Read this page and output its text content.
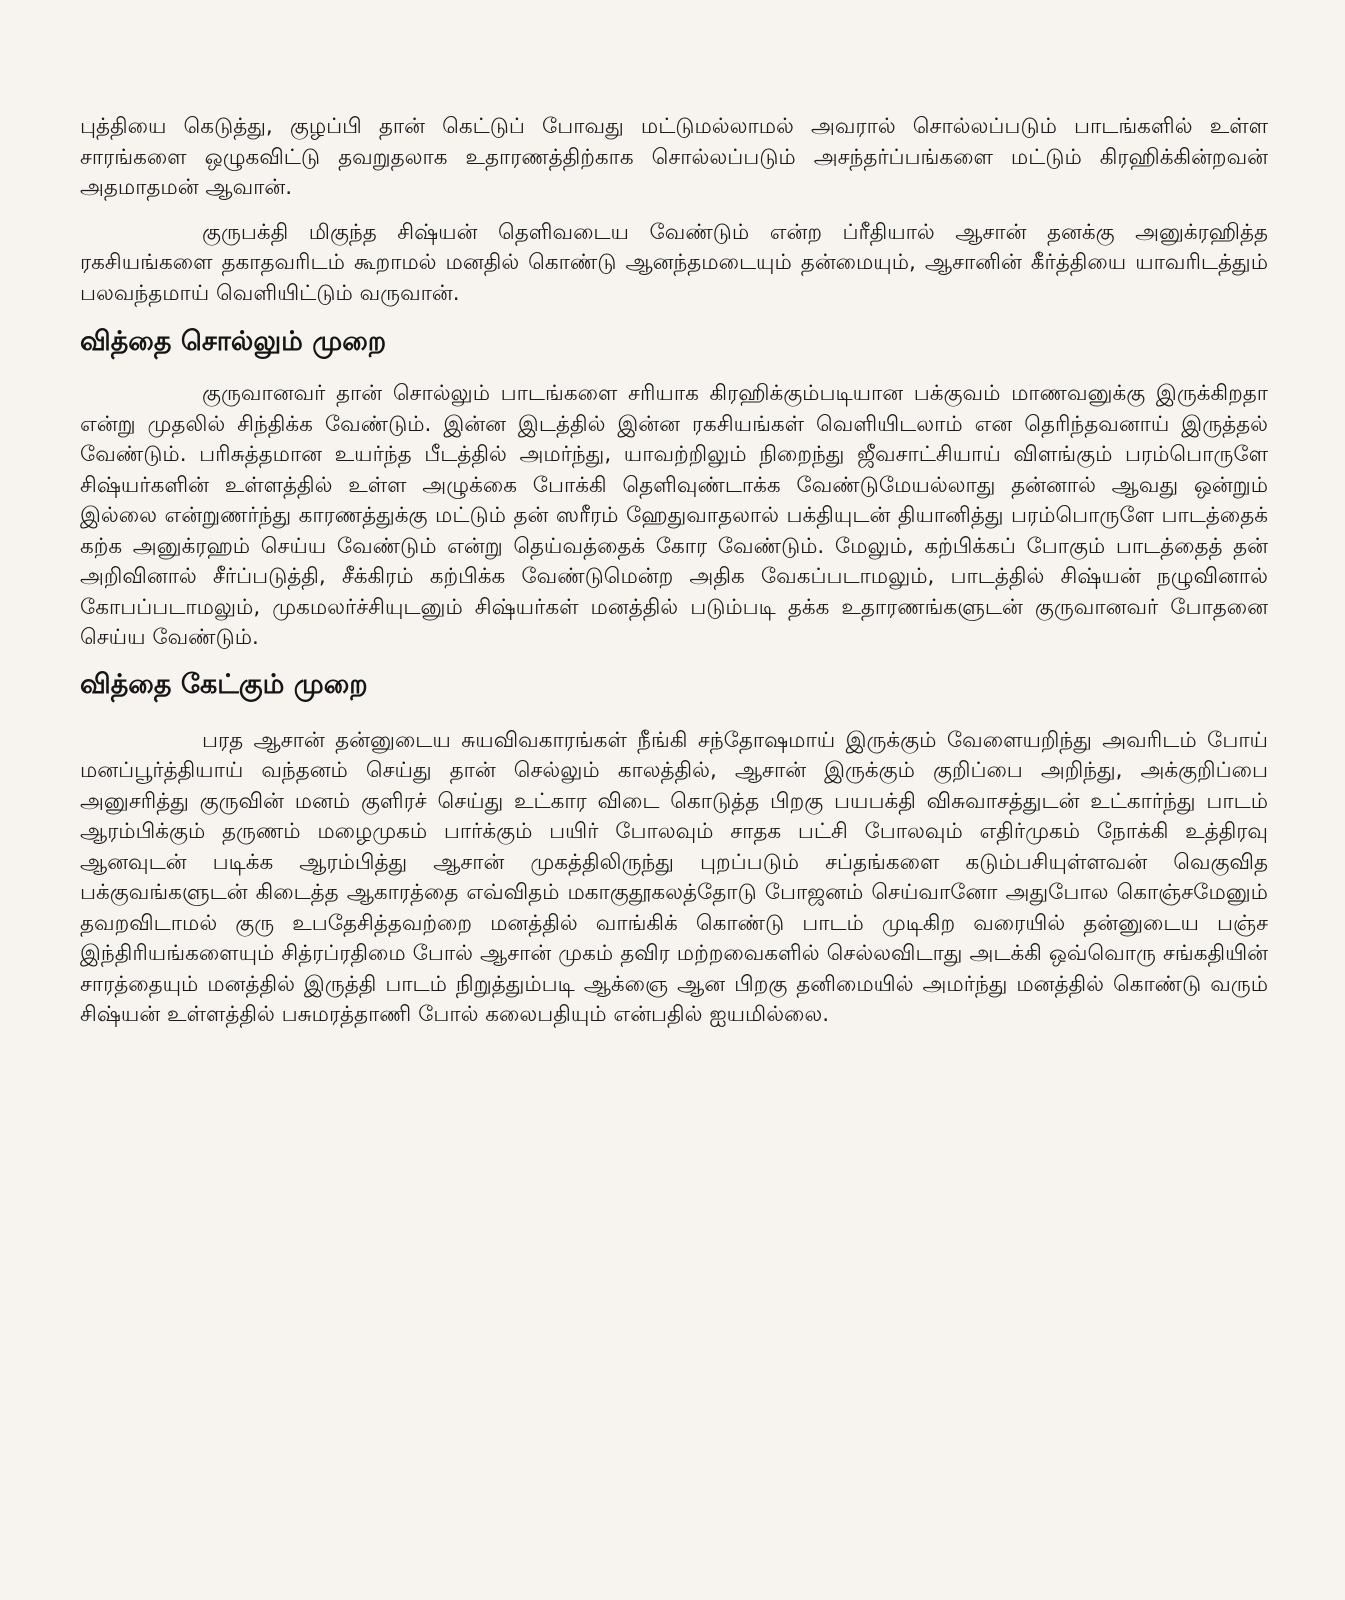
புத்தியை கெடுத்து, குழப்பி தான் கெட்டுப் போவது மட்டுமல்லாமல் அவரால் சொல்லப்படும் பாடங்களில் உள்ள சாரங்களை ஒழுகவிட்டு தவறுதலாக உதாரணத்திற்காக சொல்லப்படும் அசந்தர்ப்பங்களை மட்டும் கிரஹிக்கின்றவன் அதமாதமன் ஆவான்.

குருபக்தி மிகுந்த சிஷ்யன் தெளிவடைய வேண்டும் என்ற ப்ரீதியால் ஆசான் தனக்கு அனுக்ரஹித்த ரகசியங்களை தகாதவரிடம் கூறாமல் மனதில் கொண்டு ஆனந்தமடையும் தன்மையும், ஆசானின் கீர்த்தியை யாவரிடத்தும் பலவந்தமாய் வெளியிட்டும் வருவான்.

வித்தை சொல்லும் முறை

குருவானவர் தான் சொல்லும் பாடங்களை சரியாக கிரஹிக்கும்படியான பக்குவம் மாணவனுக்கு இருக்கிறதா என்று முதலில் சிந்திக்க வேண்டும். இன்ன இடத்தில் இன்ன ரகசியங்கள் வெளியிடலாம் என தெரிந்தவனாய் இருத்தல் வேண்டும். பரிசுத்தமான உயர்ந்த பீடத்தில் அமர்ந்து, யாவற்றிலும் நிறைந்து ஜீவசாட்சியாய் விளங்கும் பரம்பொருளே சிஷ்யர்களின் உள்ளத்தில் உள்ள அழுக்கை போக்கி தெளிவுண்டாக்க வேண்டுமேயல்லாது தன்னால் ஆவது ஒன்றும் இல்லை என்றுணர்ந்து காரணத்துக்கு மட்டும் தன் ஸரீரம் ஹேதுவாதலால் பக்தியுடன் தியானித்து பரம்பொருளே பாடத்தைக் கற்க அனுக்ரஹம் செய்ய வேண்டும் என்று தெய்வத்தைக் கோர வேண்டும். மேலும், கற்பிக்கப் போகும் பாடத்தைத் தன் அறிவினால் சீர்ப்படுத்தி, சீக்கிரம் கற்பிக்க வேண்டுமென்ற அதிக வேகப்படாமலும், பாடத்தில் சிஷ்யன் நழுவினால் கோபப்படாமலும், முகமலர்ச்சியுடனும் சிஷ்யர்கள் மனத்தில் படும்படி தக்க உதாரணங்களுடன் குருவானவர் போதனை செய்ய வேண்டும்.

வித்தை கேட்கும் முறை

பரத ஆசான் தன்னுடைய சுயவிவகாரங்கள் நீங்கி சந்தோஷமாய் இருக்கும் வேளையறிந்து அவரிடம் போய் மனப்பூர்த்தியாய் வந்தனம் செய்து தான் செல்லும் காலத்தில், ஆசான் இருக்கும் குறிப்பை அறிந்து, அக்குறிப்பை அனுசரித்து குருவின் மனம் குளிரச் செய்து உட்கார விடை கொடுத்த பிறகு பயபக்தி விசுவாசத்துடன் உட்கார்ந்து பாடம் ஆரம்பிக்கும் தருணம் மழைமுகம் பார்க்கும் பயிர் போலவும் சாதக பட்சி போலவும் எதிர்முகம் நோக்கி உத்திரவு ஆனவுடன் படிக்க ஆரம்பித்து ஆசான் முகத்திலிருந்து புறப்படும் சப்தங்களை கடும்பசியுள்ளவன் வெகுவித பக்குவங்களுடன் கிடைத்த ஆகாரத்தை எவ்விதம் மகாகுதூகலத்தோடு போஜனம் செய்வானோ அதுபோல கொஞ்சமேனும் தவறவிடாமல் குரு உபதேசித்தவற்றை மனத்தில் வாங்கிக் கொண்டு பாடம் முடிகிற வரையில் தன்னுடைய பஞ்ச இந்திரியங்களையும் சித்ரப்ரதிமை போல் ஆசான் முகம் தவிர மற்றவைகளில் செல்லவிடாது அடக்கி ஒவ்வொரு சங்கதியின் சாரத்தையும் மனத்தில் இருத்தி பாடம் நிறுத்தும்படி ஆக்ஞை ஆன பிறகு தனிமையில் அமர்ந்து மனத்தில் கொண்டு வரும் சிஷ்யன் உள்ளத்தில் பசுமரத்தாணி போல் கலைபதியும் என்பதில் ஐயமில்லை.
